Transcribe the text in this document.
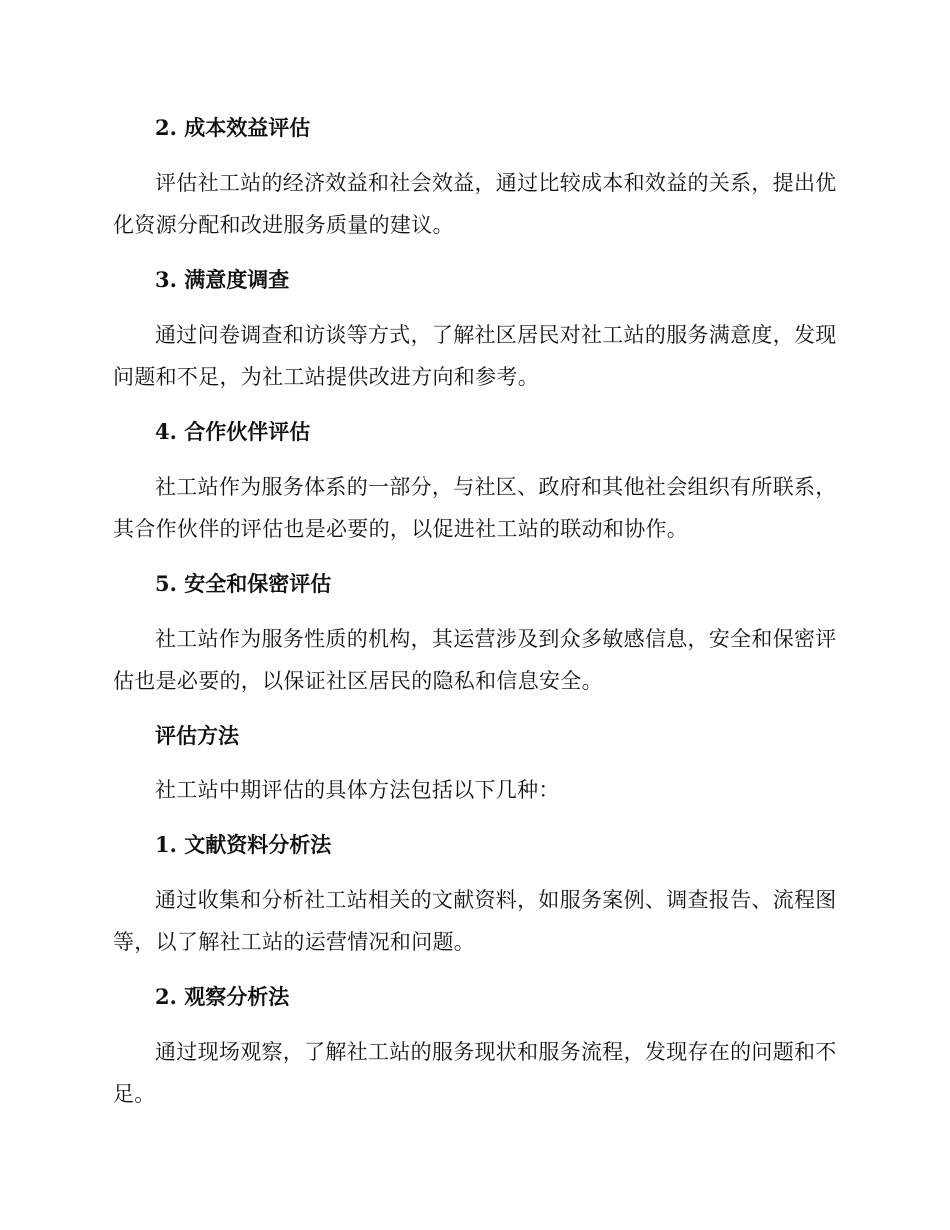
2. 成本效益评估
评估社工站的经济效益和社会效益，通过比较成本和效益的关系，提出优化资源分配和改进服务质量的建议。
3. 满意度调查
通过问卷调查和访谈等方式，了解社区居民对社工站的服务满意度，发现问题和不足，为社工站提供改进方向和参考。
4. 合作伙伴评估
社工站作为服务体系的一部分，与社区、政府和其他社会组织有所联系，其合作伙伴的评估也是必要的，以促进社工站的联动和协作。
5. 安全和保密评估
社工站作为服务性质的机构，其运营涉及到众多敏感信息，安全和保密评估也是必要的，以保证社区居民的隐私和信息安全。
评估方法
社工站中期评估的具体方法包括以下几种：
1. 文献资料分析法
通过收集和分析社工站相关的文献资料，如服务案例、调查报告、流程图等，以了解社工站的运营情况和问题。
2. 观察分析法
通过现场观察，了解社工站的服务现状和服务流程，发现存在的问题和不足。
